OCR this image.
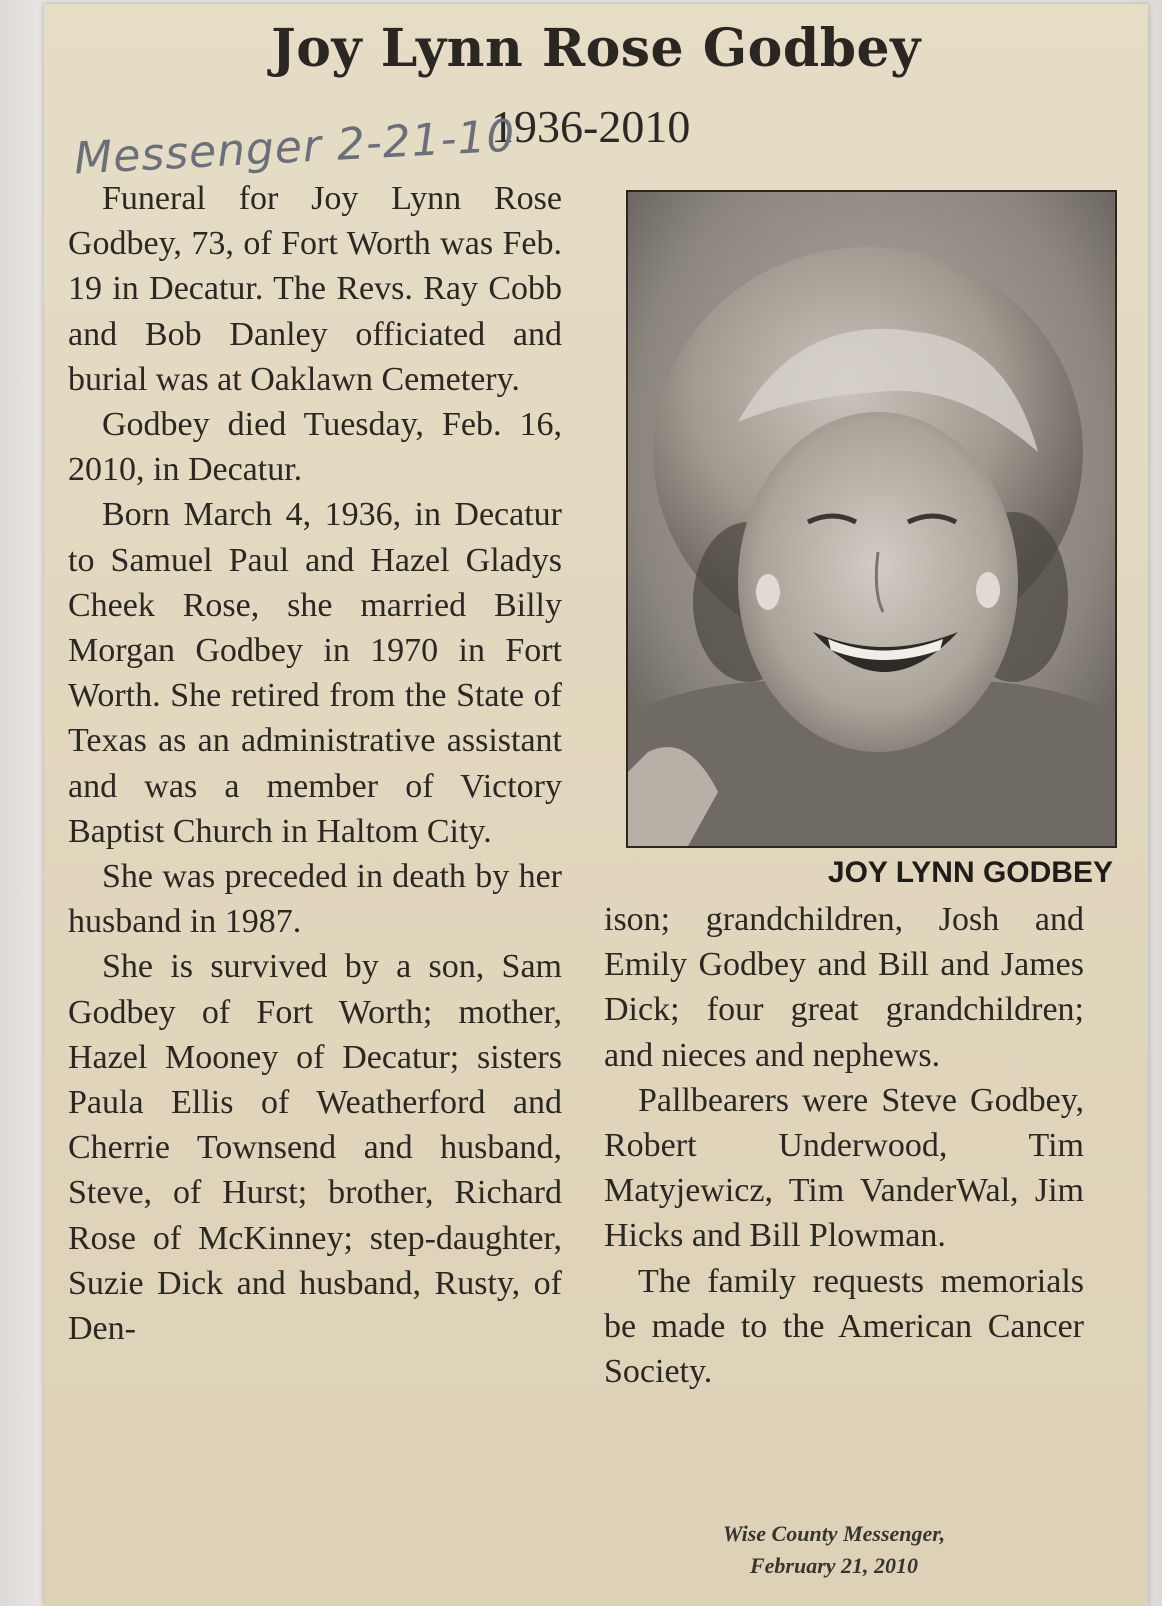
Joy Lynn Rose Godbey
1936-2010
Messenger 2-21-10

Funeral for Joy Lynn Rose Godbey, 73, of Fort Worth was Feb. 19 in Decatur. The Revs. Ray Cobb and Bob Danley officiated and burial was at Oaklawn Cemetery.

Godbey died Tuesday, Feb. 16, 2010, in Decatur.

Born March 4, 1936, in Decatur to Samuel Paul and Hazel Gladys Cheek Rose, she married Billy Morgan Godbey in 1970 in Fort Worth. She retired from the State of Texas as an administrative assistant and was a member of Victory Baptist Church in Haltom City.

She was preceded in death by her husband in 1987.

She is survived by a son, Sam Godbey of Fort Worth; mother, Hazel Mooney of Decatur; sisters Paula Ellis of Weatherford and Cherrie Townsend and husband, Steve, of Hurst; brother, Richard Rose of McKinney; step-daughter, Suzie Dick and husband, Rusty, of Den-

JOY LYNN GODBEY

ison; grandchildren, Josh and Emily Godbey and Bill and James Dick; four great grandchildren; and nieces and nephews.

Pallbearers were Steve Godbey, Robert Underwood, Tim Matyjewicz, Tim VanderWal, Jim Hicks and Bill Plowman.

The family requests memorials be made to the American Cancer Society.

Wise County Messenger,
February 21, 2010
